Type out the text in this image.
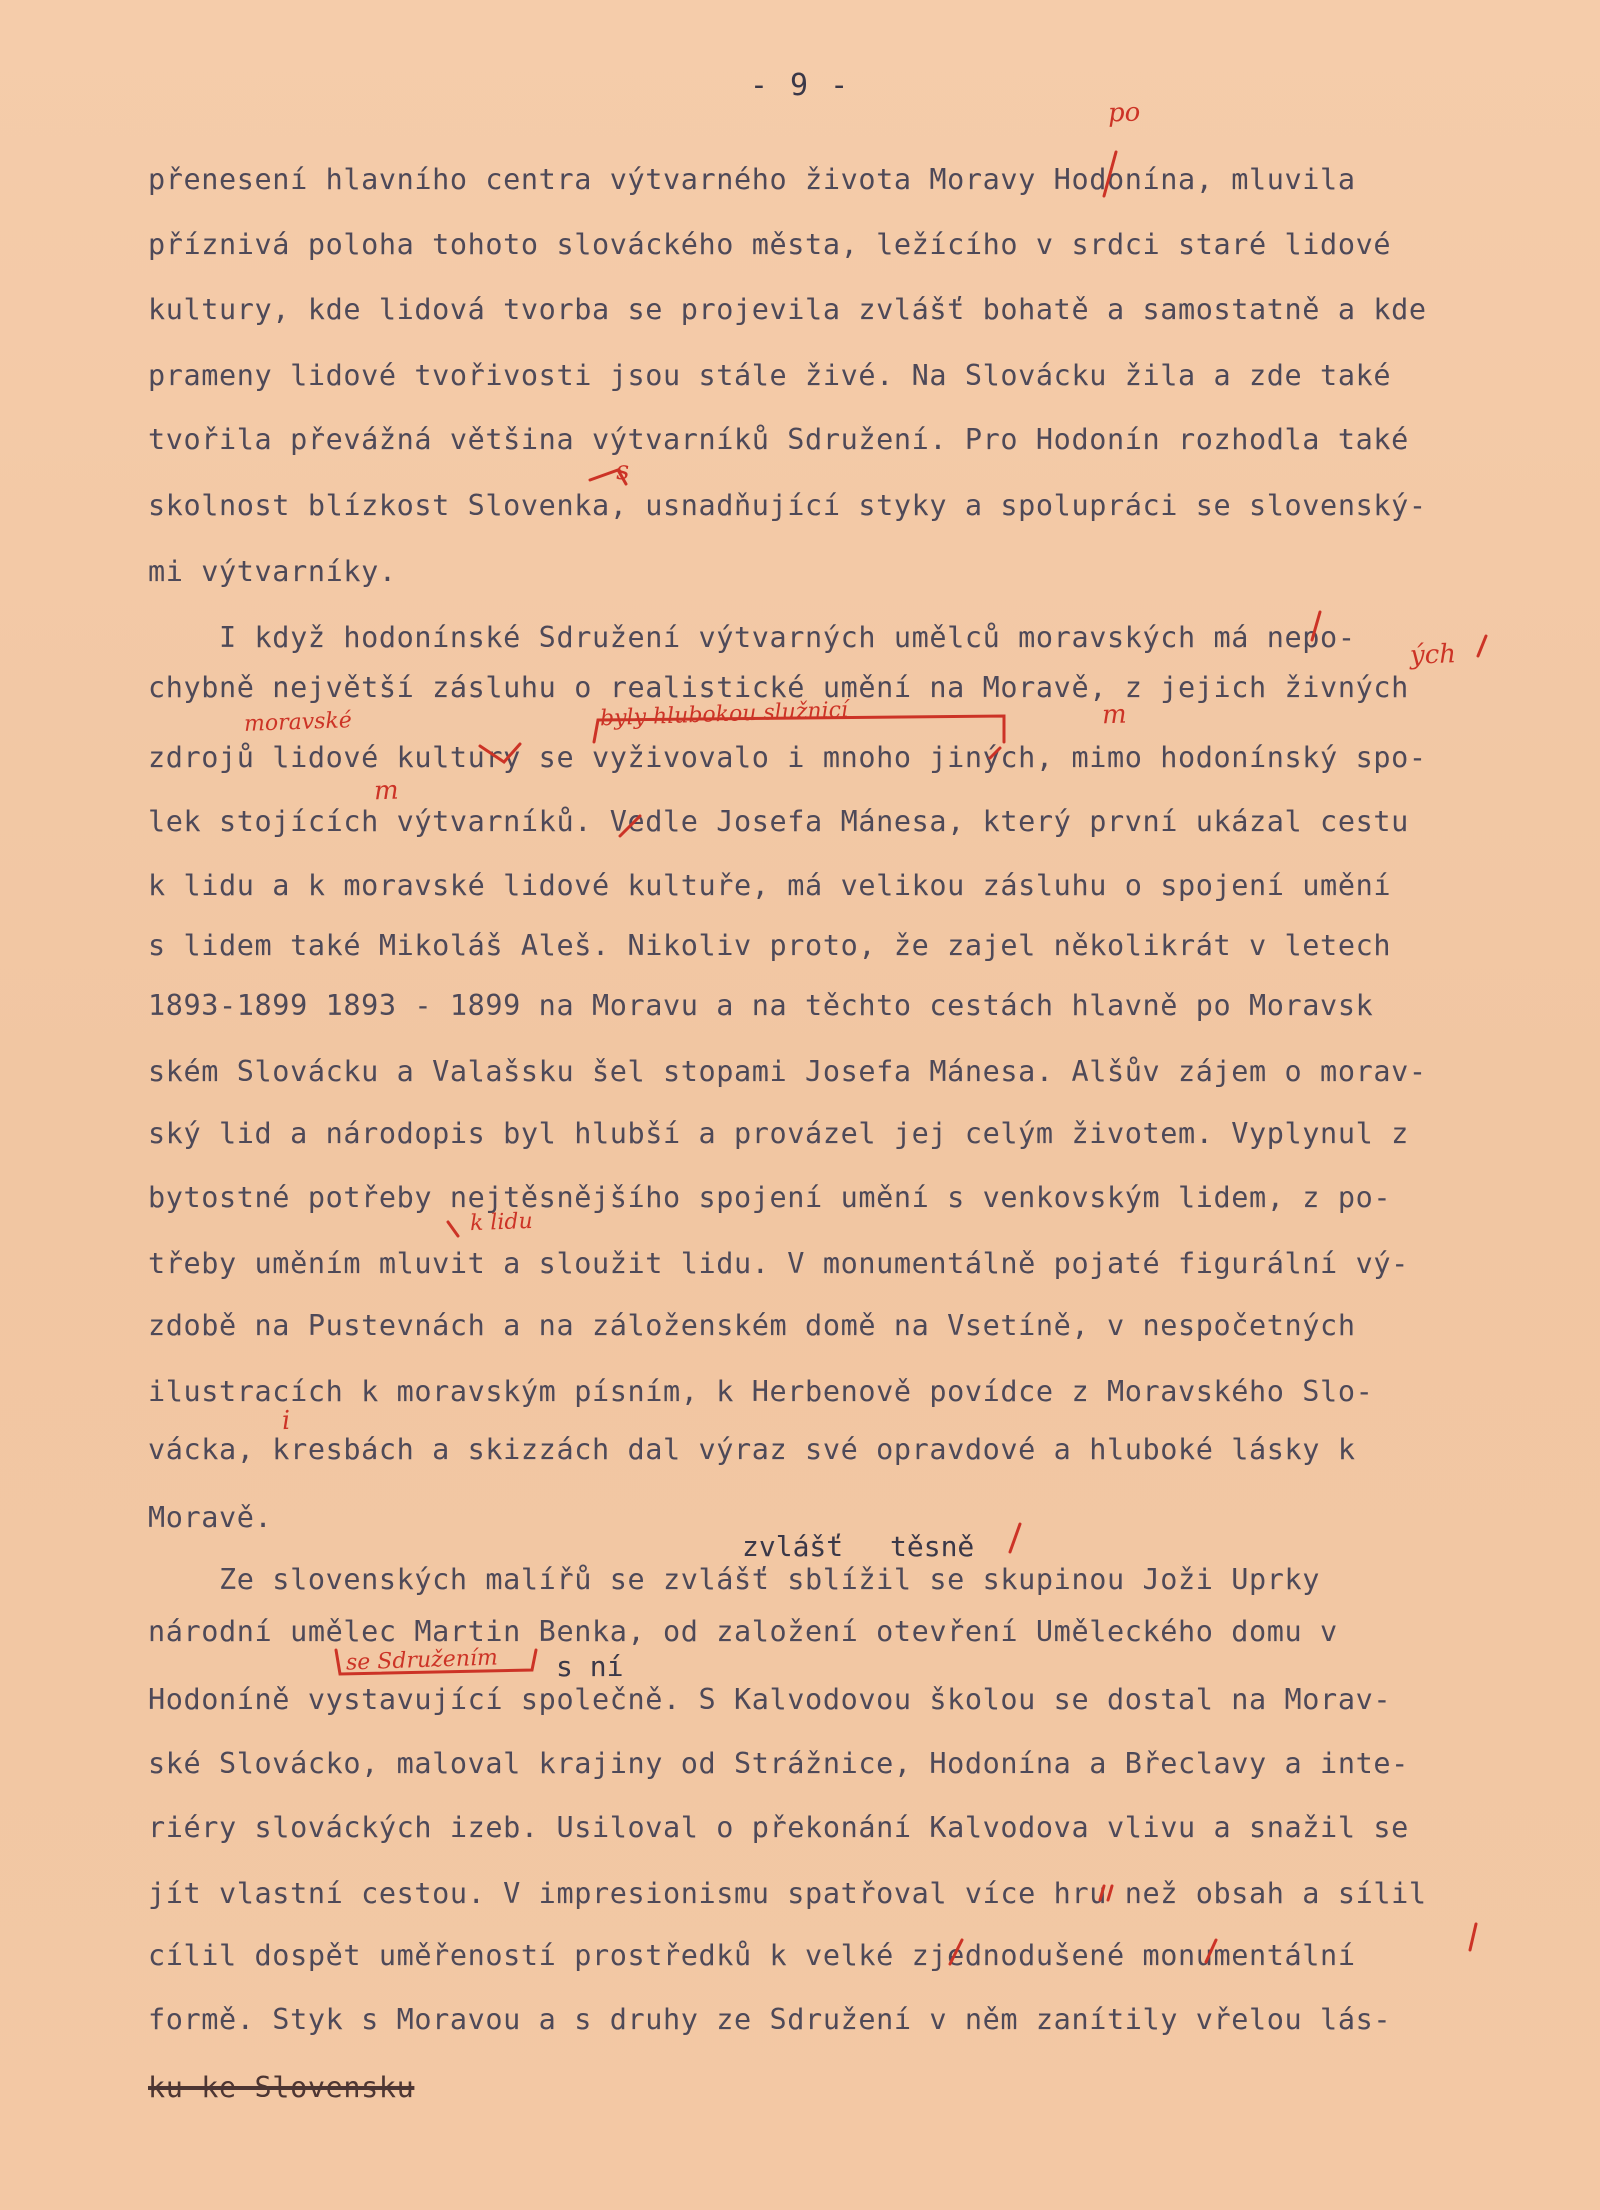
- 9 -
přenesení hlavního centra výtvarného života Moravy Hodonína, mluvila
příznivá poloha tohoto slováckého města, ležícího v srdci staré lidové
kultury, kde lidová tvorba se projevila zvlášť bohatě a samostatně a kde
prameny lidové tvořivosti jsou stále živé. Na Slovácku žila a zde také
tvořila převážná většina výtvarníků Sdružení. Pro Hodonín rozhodla také
skolnost blízkost Slovenka, usnadňující styky a spolupráci se slovenský-
mi výtvarníky.
I když hodonínské Sdružení výtvarných umělců moravských má nepo-
chybně největší zásluhu o realistické umění na Moravě, z jejich živných
zdrojů lidové kultury se vyživovalo i mnoho jiných, mimo hodonínský spo-
lek stojících výtvarníků. Vedle Josefa Mánesa, který první ukázal cestu
k lidu a k moravské lidové kultuře, má velikou zásluhu o spojení umění
s lidem také Mikoláš Aleš. Nikoliv proto, že zajel několikrát v letech
1893-1899 1893 - 1899 na Moravu a na těchto cestách hlavně po Moravsk
ském Slovácku a Valašsku šel stopami Josefa Mánesa. Alšův zájem o morav-
ský lid a národopis byl hlubší a provázel jej celým životem. Vyplynul z
bytostné potřeby nejtěsnějšího spojení umění s venkovským lidem, z po-
třeby uměním mluvit a sloužit lidu. V monumentálně pojaté figurální vý-
zdobě na Pustevnách a na záloženském domě na Vsetíně, v nespočetných
ilustracích k moravským písním, k Herbenově povídce z Moravského Slo-
vácka, kresbách a skizzách dal výraz své opravdové a hluboké lásky k
Moravě.
Ze slovenských malířů se zvlášť sblížil se skupinou Joži Uprky
národní umělec Martin Benka, od založení otevření Uměleckého domu v
Hodoníně vystavující společně. S Kalvodovou školou se dostal na Morav-
ské Slovácko, maloval krajiny od Strážnice, Hodonína a Břeclavy a inte-
riéry slováckých izeb. Usiloval o překonání Kalvodova vlivu a snažil se
jít vlastní cestou. V impresionismu spatřoval více hru než obsah a sílil
cílil dospět uměřeností prostředků k velké zjednodušené monumentální
formě. Styk s Moravou a s druhy ze Sdružení v něm zanítily vřelou lás-
ku ke Slovensku
po
moravské	byly hlubokou služnicí
ých
m
m
s
k lidu
i
se Sdružením
zvlášť těsně
s ní
